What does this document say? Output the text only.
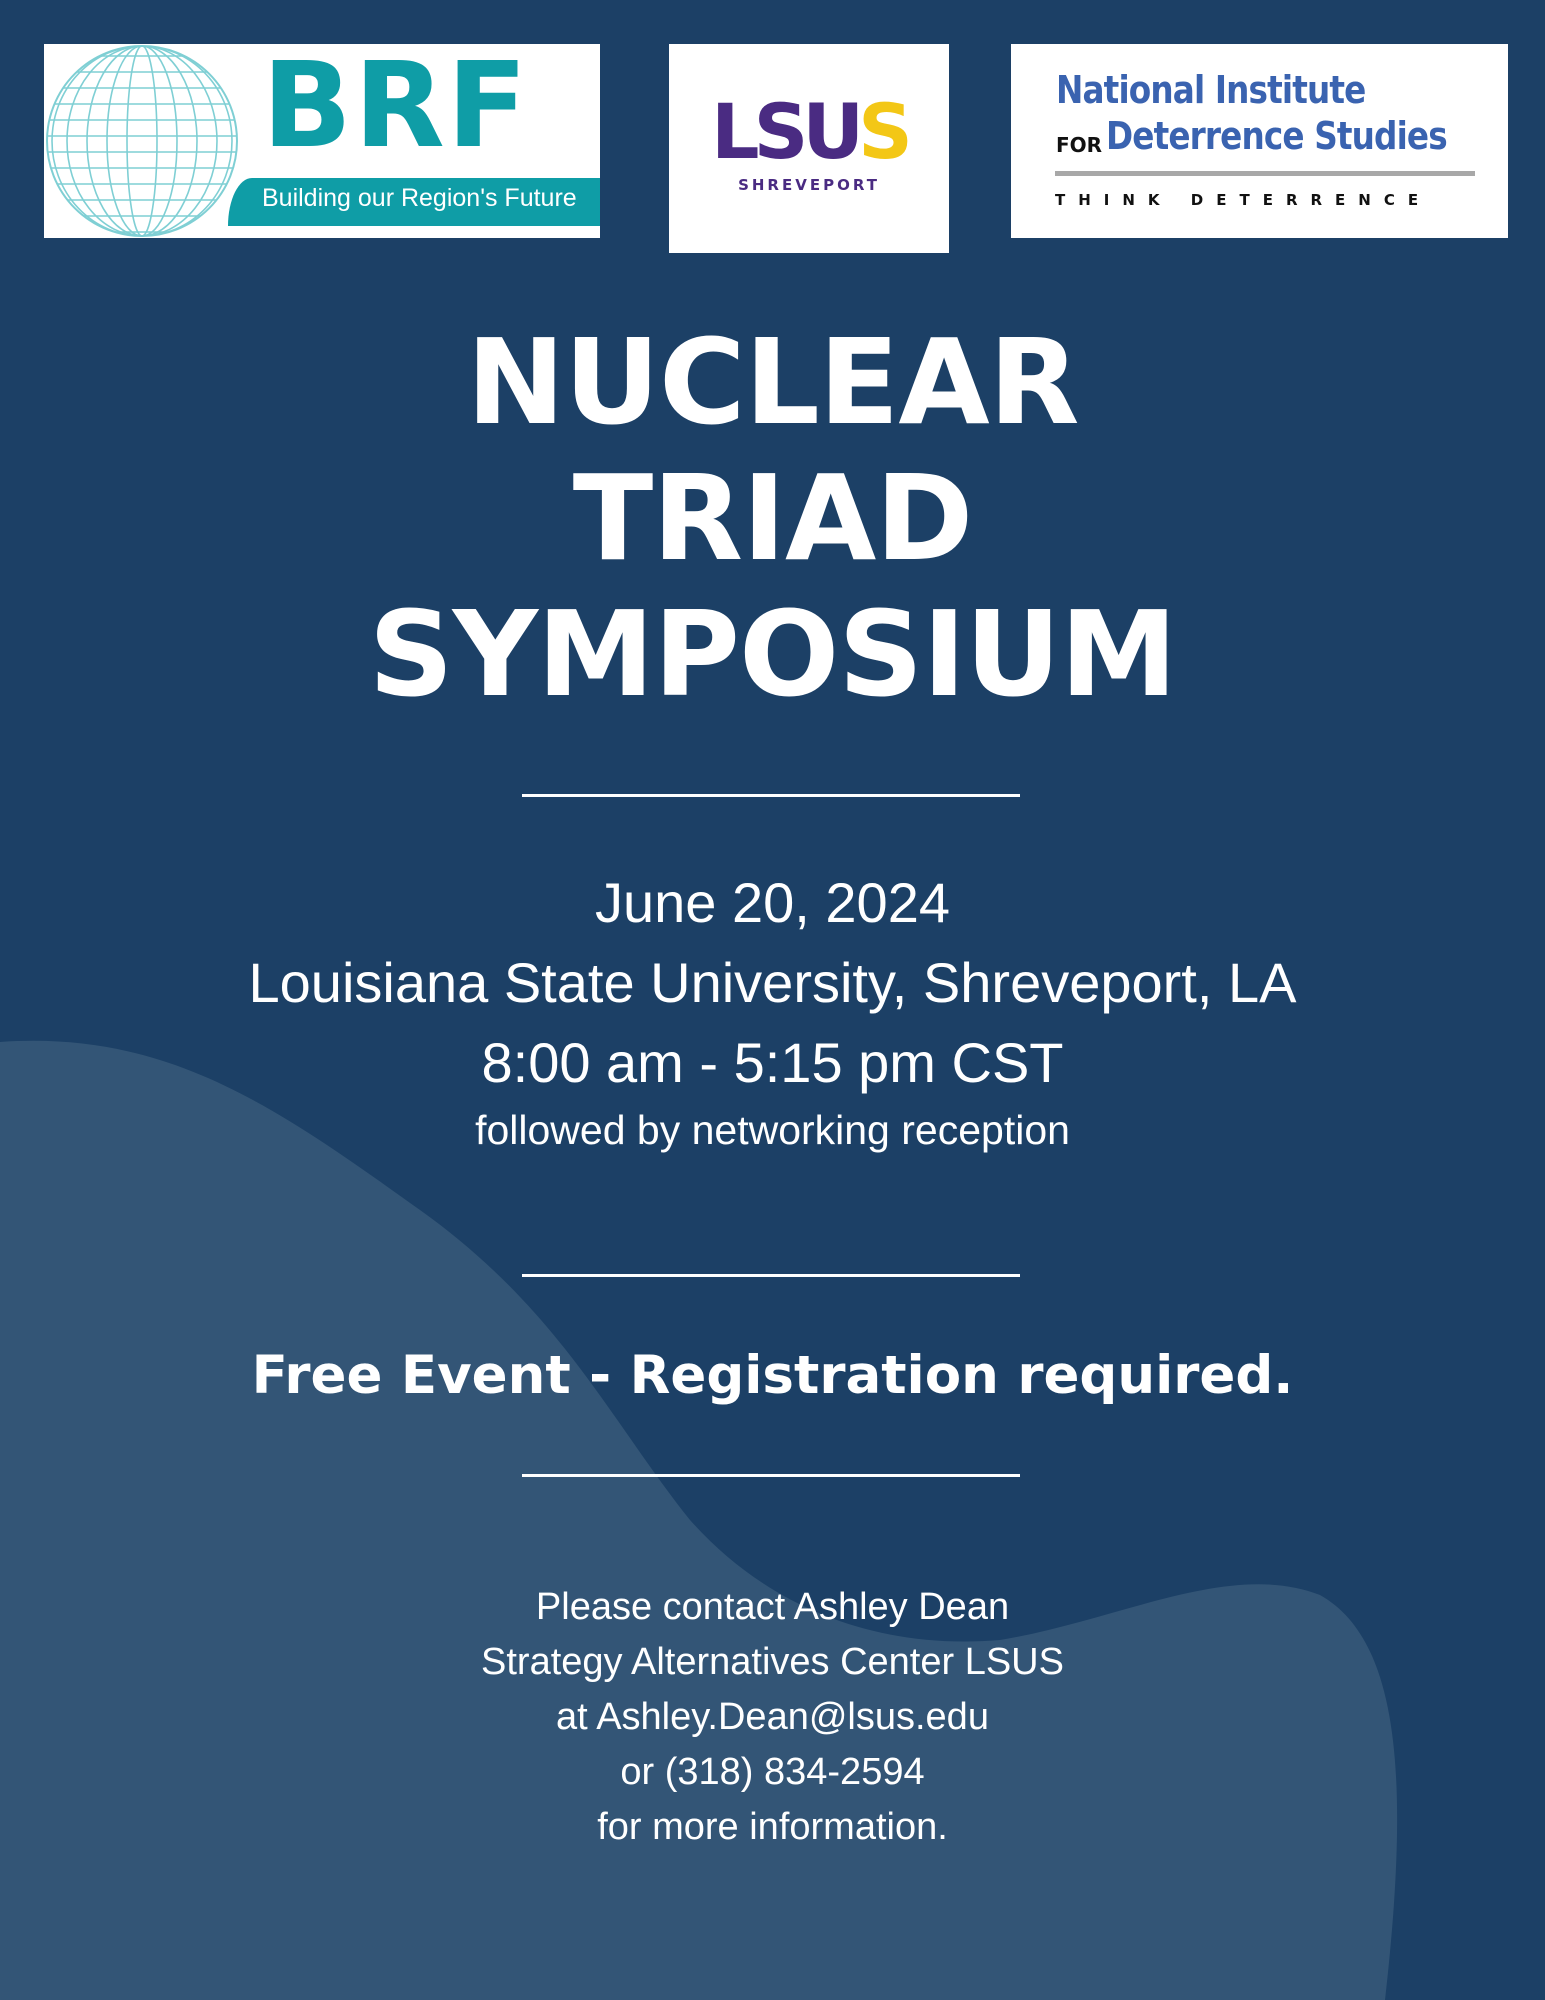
BRF
Building our Region's Future
LSUS
SHREVEPORT
National Institute
FOR Deterrence Studies
THINK DETERRENCE
NUCLEAR
TRIAD
SYMPOSIUM
June 20, 2024
Louisiana State University, Shreveport, LA
8:00 am - 5:15 pm CST
followed by networking reception
Free Event - Registration required.
Please contact Ashley Dean
Strategy Alternatives Center LSUS
at Ashley.Dean@lsus.edu
or (318) 834-2594
for more information.
